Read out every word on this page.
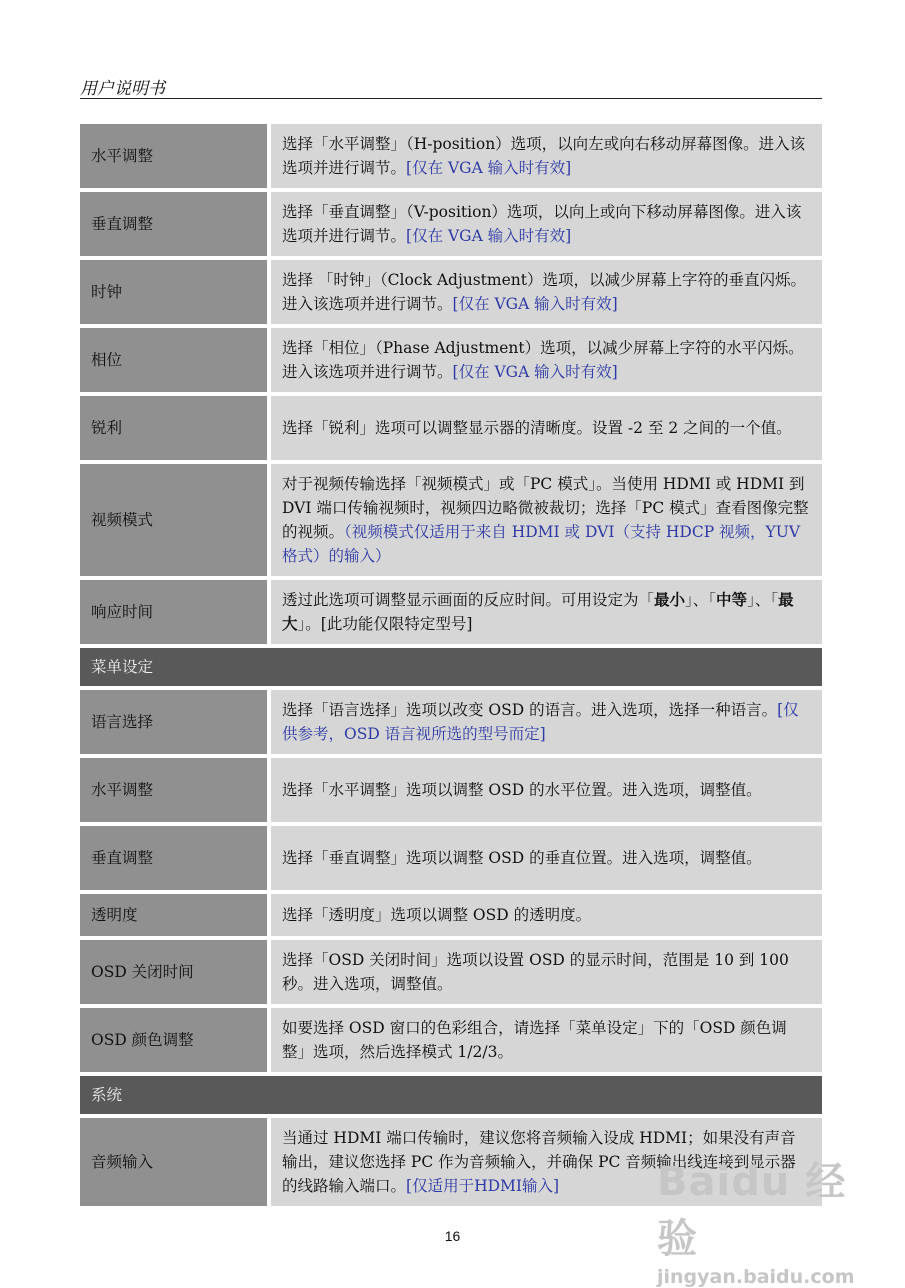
用户说明书
水平调整	选择「水平调整」（H-position）选项，以向左或向右移动屏幕图像。进入该选项并进行调节。[仅在 VGA 输入时有效]
垂直调整	选择「垂直调整」（V-position）选项，以向上或向下移动屏幕图像。进入该选项并进行调节。[仅在 VGA 输入时有效]
时钟	选择 「时钟」（Clock Adjustment）选项，以减少屏幕上字符的垂直闪烁。进入该选项并进行调节。[仅在 VGA 输入时有效]
相位	选择「相位」（Phase Adjustment）选项，以减少屏幕上字符的水平闪烁。进入该选项并进行调节。[仅在 VGA 输入时有效]
锐利	选择「锐利」选项可以调整显示器的清晰度。设置 -2 至 2 之间的一个值。
视频模式	对于视频传输选择「视频模式」或「PC 模式」。当使用 HDMI 或 HDMI 到 DVI 端口传输视频时，视频四边略微被裁切；选择「PC 模式」查看图像完整的视频。（视频模式仅适用于来自 HDMI 或 DVI（支持 HDCP 视频，YUV 格式）的输入）
响应时间	透过此选项可调整显示画面的反应时间。可用设定为「最小」、「中等」、「最大」。[此功能仅限特定型号]
菜单设定	
语言选择	选择「语言选择」选项以改变 OSD 的语言。进入选项，选择一种语言。[仅供参考，OSD 语言视所选的型号而定]
水平调整	选择「水平调整」选项以调整 OSD 的水平位置。进入选项，调整值。
垂直调整	选择「垂直调整」选项以调整 OSD 的垂直位置。进入选项，调整值。
透明度	选择「透明度」选项以调整 OSD 的透明度。
OSD 关闭时间	选择「OSD 关闭时间」选项以设置 OSD 的显示时间，范围是 10 到 100 秒。进入选项，调整值。
OSD 颜色调整	如要选择 OSD 窗口的色彩组合，请选择「菜单设定」下的「OSD 颜色调整」选项，然后选择模式 1/2/3。
系统	
音频输入	当通过 HDMI 端口传输时，建议您将音频输入设成 HDMI；如果没有声音输出，建议您选择 PC 作为音频输入，并确保 PC 音频输出线连接到显示器的线路输入端口。[仅适用于HDMI输入]
16
Baidu 经验
jingyan.baidu.com
